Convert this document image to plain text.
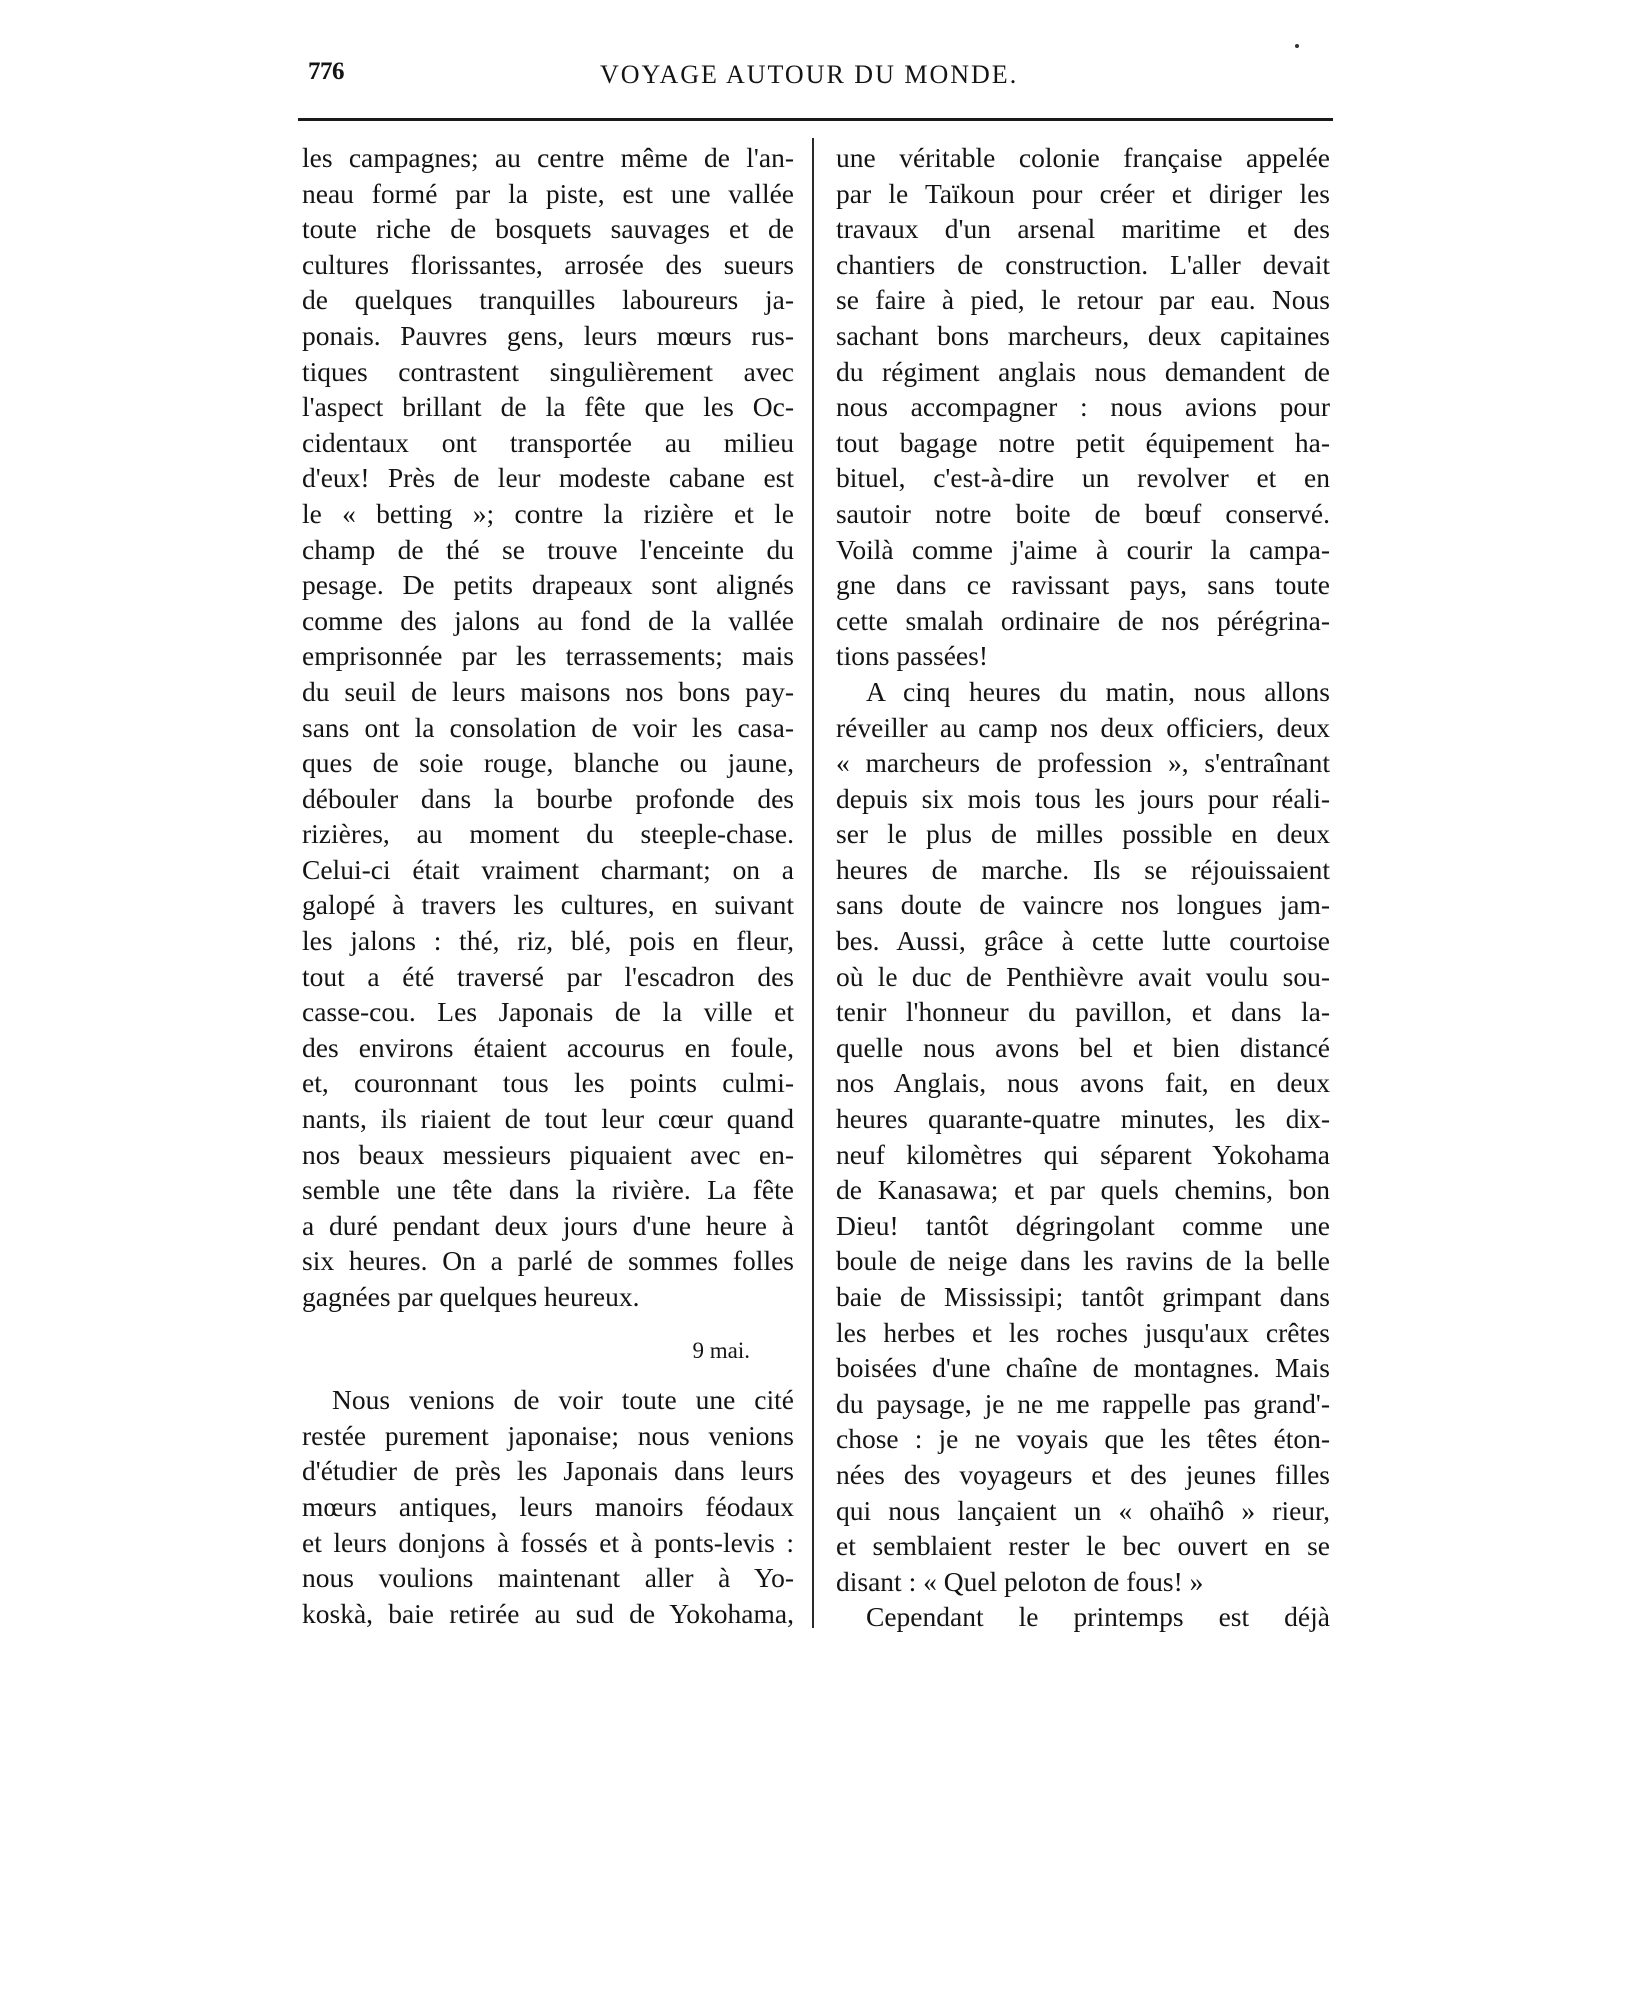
776	VOYAGE AUTOUR DU MONDE.
les campagnes; au centre même de l'an-
neau formé par la piste, est une vallée
toute riche de bosquets sauvages et de
cultures florissantes, arrosée des sueurs
de quelques tranquilles laboureurs ja-
ponais. Pauvres gens, leurs mœurs rus-
tiques contrastent singulièrement avec
l'aspect brillant de la fête que les Oc-
cidentaux ont transportée au milieu
d'eux! Près de leur modeste cabane est
le « betting »; contre la rizière et le
champ de thé se trouve l'enceinte du
pesage. De petits drapeaux sont alignés
comme des jalons au fond de la vallée
emprisonnée par les terrassements; mais
du seuil de leurs maisons nos bons pay-
sans ont la consolation de voir les casa-
ques de soie rouge, blanche ou jaune,
débouler dans la bourbe profonde des
rizières, au moment du steeple-chase.
Celui-ci était vraiment charmant; on a
galopé à travers les cultures, en suivant
les jalons : thé, riz, blé, pois en fleur,
tout a été traversé par l'escadron des
casse-cou. Les Japonais de la ville et
des environs étaient accourus en foule,
et, couronnant tous les points culmi-
nants, ils riaient de tout leur cœur quand
nos beaux messieurs piquaient avec en-
semble une tête dans la rivière. La fête
a duré pendant deux jours d'une heure à
six heures. On a parlé de sommes folles
gagnées par quelques heureux.
9 mai.
Nous venions de voir toute une cité
restée purement japonaise; nous venions
d'étudier de près les Japonais dans leurs
mœurs antiques, leurs manoirs féodaux
et leurs donjons à fossés et à ponts-levis :
nous voulions maintenant aller à Yo-
koskà, baie retirée au sud de Yokohama,
une véritable colonie française appelée
par le Taïkoun pour créer et diriger les
travaux d'un arsenal maritime et des
chantiers de construction. L'aller devait
se faire à pied, le retour par eau. Nous
sachant bons marcheurs, deux capitaines
du régiment anglais nous demandent de
nous accompagner : nous avions pour
tout bagage notre petit équipement ha-
bituel, c'est-à-dire un revolver et en
sautoir notre boite de bœuf conservé.
Voilà comme j'aime à courir la campa-
gne dans ce ravissant pays, sans toute
cette smalah ordinaire de nos pérégrina-
tions passées!
A cinq heures du matin, nous allons
réveiller au camp nos deux officiers, deux
« marcheurs de profession », s'entraînant
depuis six mois tous les jours pour réali-
ser le plus de milles possible en deux
heures de marche. Ils se réjouissaient
sans doute de vaincre nos longues jam-
bes. Aussi, grâce à cette lutte courtoise
où le duc de Penthièvre avait voulu sou-
tenir l'honneur du pavillon, et dans la-
quelle nous avons bel et bien distancé
nos Anglais, nous avons fait, en deux
heures quarante-quatre minutes, les dix-
neuf kilomètres qui séparent Yokohama
de Kanasawa; et par quels chemins, bon
Dieu! tantôt dégringolant comme une
boule de neige dans les ravins de la belle
baie de Mississipi; tantôt grimpant dans
les herbes et les roches jusqu'aux crêtes
boisées d'une chaîne de montagnes. Mais
du paysage, je ne me rappelle pas grand'-
chose : je ne voyais que les têtes éton-
nées des voyageurs et des jeunes filles
qui nous lançaient un « ohaïhô » rieur,
et semblaient rester le bec ouvert en se
disant : « Quel peloton de fous! »
Cependant le printemps est déjà
